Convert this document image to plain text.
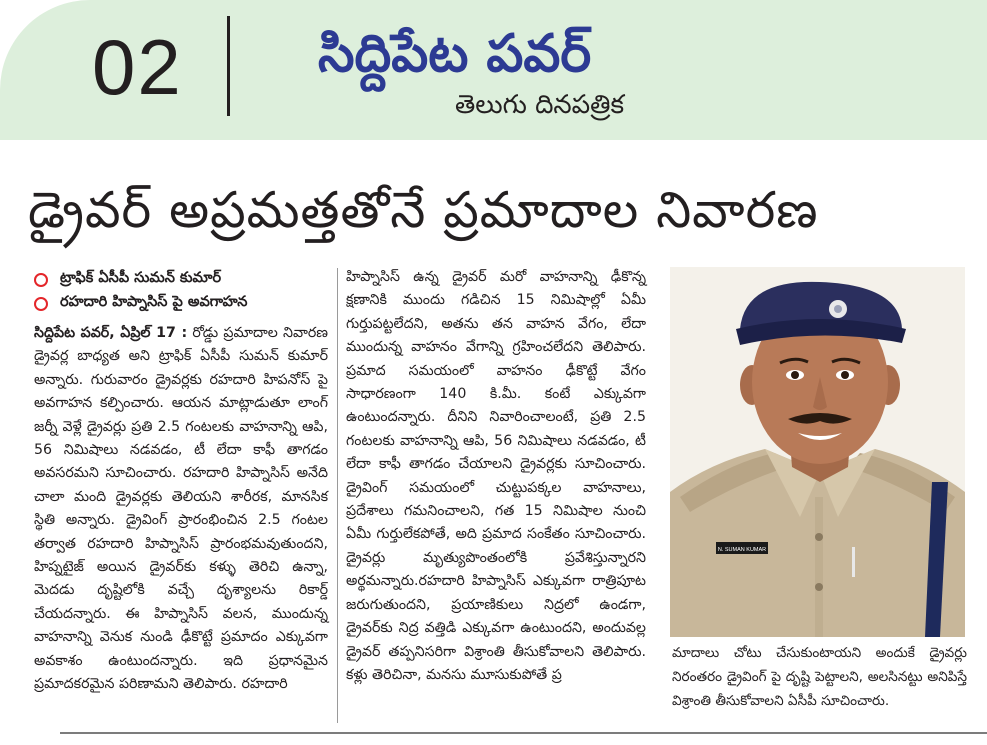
02	సిద్దిపేట పవర్
తెలుగు దినపత్రిక
డ్రైవర్ అప్రమత్తతోనే ప్రమాదాల నివారణ
ట్రాఫిక్ ఏసీపీ సుమన్ కుమార్
రహదారి హిప్నాసిస్ పై అవగాహన

సిద్దిపేట పవర్, ఏప్రిల్ 17 : రోడ్డు ప్రమాదాల నివారణ డ్రైవర్ల బాధ్యత అని ట్రాఫిక్ ఏసీపీ సుమన్ కుమార్ అన్నారు. గురువారం డ్రైవర్లకు రహదారి హిపనోస్ పై అవగాహన కల్పించారు. ఆయన మాట్లాడుతూ లాంగ్ జర్నీ వెళ్లే డ్రైవర్లు ప్రతి 2.5 గంటలకు వాహనాన్ని ఆపి, 56 నిమిషాలు నడవడం, టీ లేదా కాఫీ తాగడం అవసరమని సూచించారు. రహదారి హిప్నాసిస్ అనేది చాలా మంది డ్రైవర్లకు తెలియని శారీరక, మానసిక స్థితి అన్నారు. డ్రైవింగ్ ప్రారంభించిన 2.5 గంటల తర్వాత రహదారి హిప్నాసిస్ ప్రారంభమవుతుందని, హిప్నటైజ్ అయిన డ్రైవర్‌కు కళ్ళు తెరిచి ఉన్నా, మెదడు దృష్టిలోకి వచ్చే దృశ్యాలను రికార్డ్ చేయదన్నారు. ఈ హిప్నాసిస్ వలన, ముందున్న వాహనాన్ని వెనుక నుండి ఢీకొట్టే ప్రమాదం ఎక్కువగా అవకాశం ఉంటుందన్నారు. ఇది ప్రధానమైన ప్రమాదకరమైన పరిణామని తెలిపారు. రహదారి

హిప్నాసిస్ ఉన్న డ్రైవర్ మరో వాహనాన్ని ఢీకొన్న క్షణానికి ముందు గడిచిన 15 నిమిషాల్లో ఏమీ గుర్తుపట్టలేదని, అతను తన వాహన వేగం, లేదా ముందున్న వాహనం వేగాన్ని గ్రహించలేదని తెలిపారు. ప్రమాద సమయంలో వాహనం ఢీకొట్టే వేగం సాధారణంగా 140 కి.మీ. కంటే ఎక్కువగా ఉంటుందన్నారు. దీనిని నివారించాలంటే, ప్రతి 2.5 గంటలకు వాహనాన్ని ఆపి, 56 నిమిషాలు నడవడం, టీ లేదా కాఫీ తాగడం చేయాలని డ్రైవర్లకు సూచించారు. డ్రైవింగ్ సమయంలో చుట్టుపక్కల వాహనాలు, ప్రదేశాలు గమనించాలని, గత 15 నిమిషాల నుంచి ఏమీ గుర్తులేకపోతే, అది ప్రమాద సంకేతం సూచించారు. డ్రైవర్లు మృత్యుపొంతంలోకి ప్రవేశిస్తున్నారని అర్థమన్నారు.రహదారి హిప్నాసిస్ ఎక్కువగా రాత్రిపూట జరుగుతుందని, ప్రయాణికులు నిద్రలో ఉండగా, డ్రైవర్‌కు నిద్ర వత్తిడి ఎక్కువగా ఉంటుందని, అందువల్ల డ్రైవర్ తప్పనిసరిగా విశ్రాంతి తీసుకోవాలని తెలిపారు. కళ్లు తెరిచినా, మనసు మూసుకుపోతే ప్ర

N. SUMAN KUMAR
మాదాలు చోటు చేసుకుంటాయని అందుకే డ్రైవర్లు నిరంతరం డ్రైవింగ్ పై దృష్టి పెట్టాలని, అలసినట్టు అనిపిస్తే విశ్రాంతి తీసుకోవాలని ఏసీపీ సూచించారు.
